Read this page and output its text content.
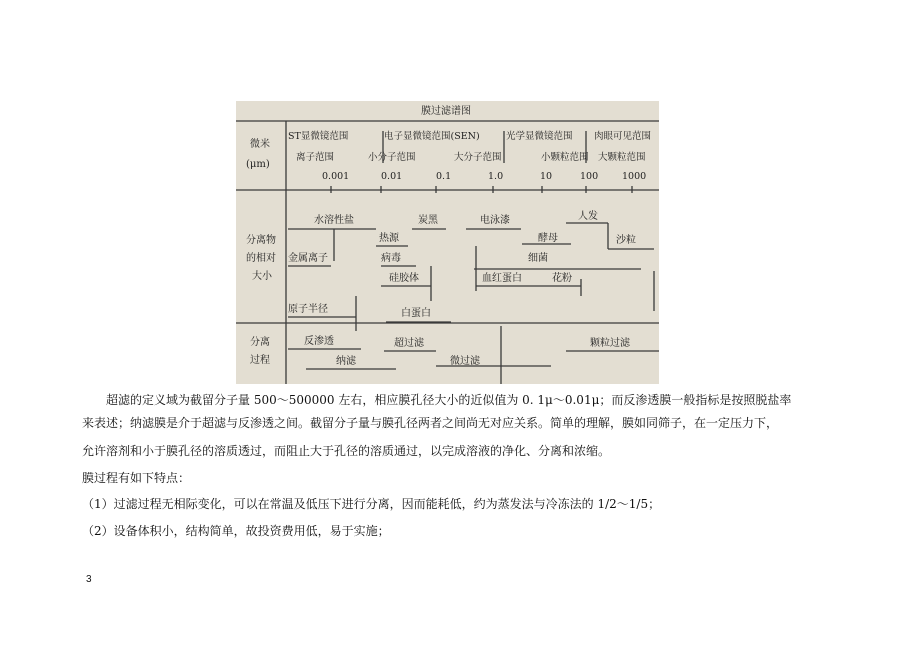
膜过滤谱图
微米
(μm)
ST显微镜范围	电子显微镜范围(SEN)	光学显微镜范围 肉眼可见范围
离子范围	小分子范围	大分子范围	小颗粒范围 大颗粒范围
0.001	0.01	0.1	1.0	10	100	1000
分离物
的相对
大小
水溶性盐	炭黑	电泳漆	人发
热源	酵母	沙粒
金属离子	病毒	细菌
硅胶体	血红蛋白	花粉
原子半径	白蛋白
分离
过程
反渗透	超过滤	颗粒过滤
纳滤	微过滤
超滤的定义域为截留分子量 500～500000 左右，相应膜孔径大小的近似值为 0. 1μ～0.01μ；而反渗透膜一般指标是按照脱盐率
来表述；纳滤膜是介于超滤与反渗透之间。截留分子量与膜孔径两者之间尚无对应关系。简单的理解，膜如同筛子，在一定压力下，
允许溶剂和小于膜孔径的溶质透过，而阻止大于孔径的溶质通过，以完成溶液的净化、分离和浓缩。
膜过程有如下特点：
（1）过滤过程无相际变化，可以在常温及低压下进行分离，因而能耗低，约为蒸发法与冷冻法的 1/2～1/5；
（2）设备体积小，结构简单，故投资费用低，易于实施；
3
